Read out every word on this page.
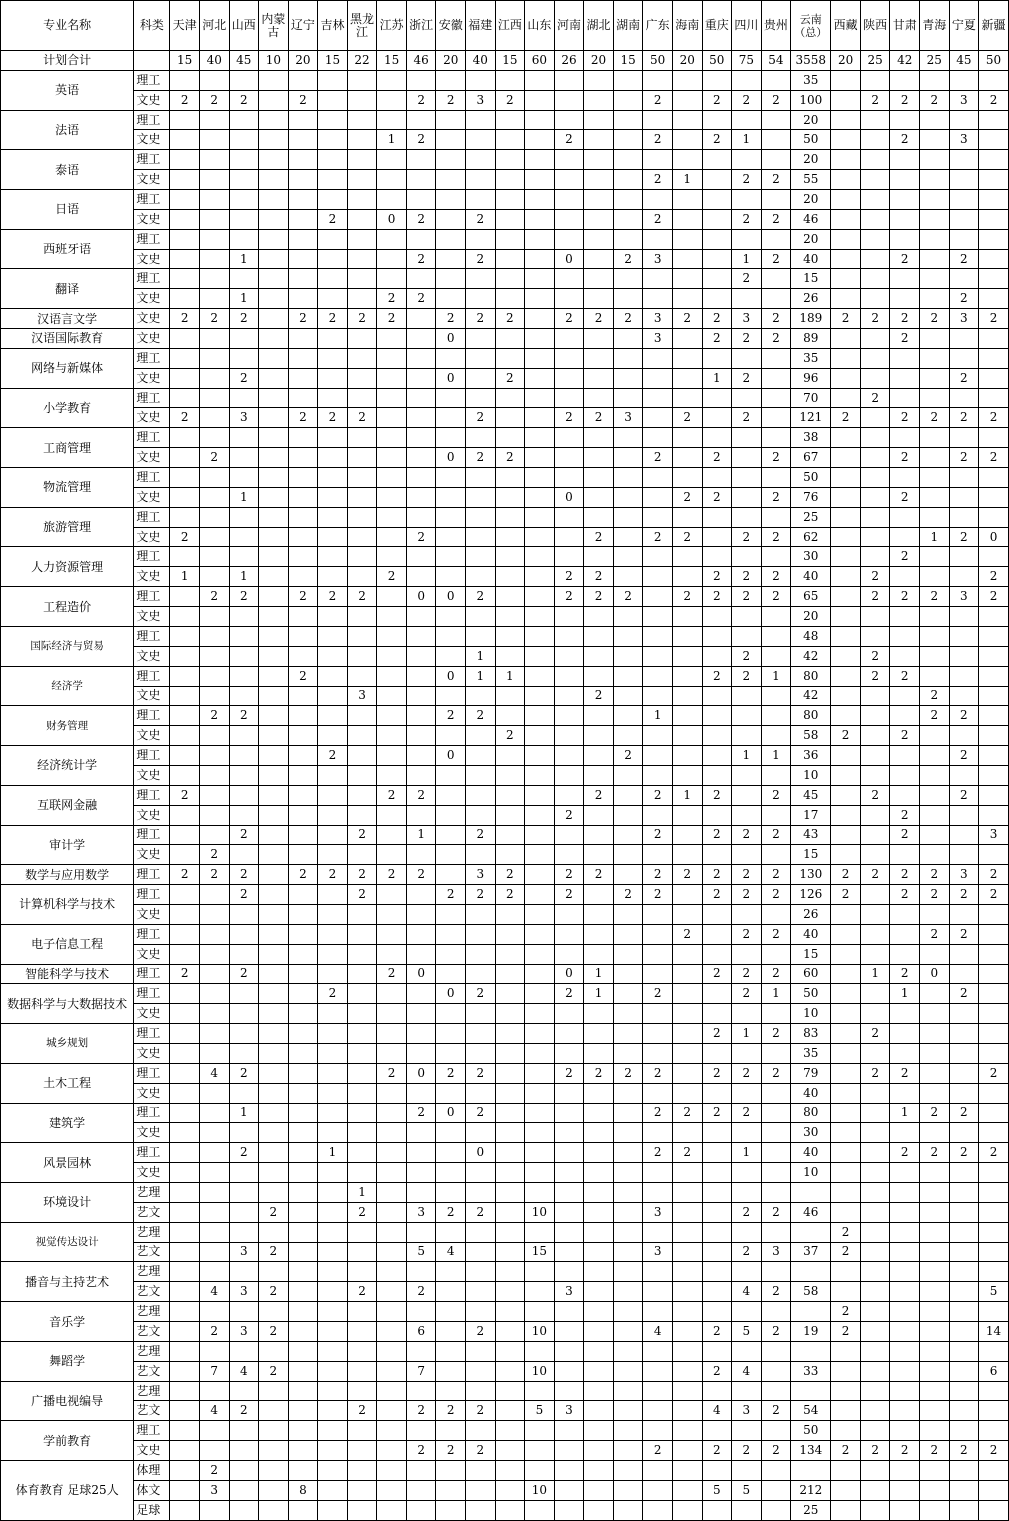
专业名称	科类	天津	河北	山西	内蒙古	辽宁	吉林	黑龙江	江苏	浙江	安徽	福建	江西	山东	河南	湖北	湖南	广东	海南	重庆	四川	贵州	云南（总）	西藏	陕西	甘肃	青海	宁夏	新疆
计划合计		15	40	45	10	20	15	22	15	46	20	40	15	60	26	20	15	50	20	50	75	54	3558	20	25	42	25	45	50
英语	理工																						35						
	文史	2	2	2		2				2	2	3	2					2		2	2	2	100		2	2	2	3	2
法语	理工																						20						
	文史								1	2					2			2		2	1		50			2		3	
泰语	理工																						20						
	文史																	2	1		2	2	55						
日语	理工																						20						
	文史						2		0	2		2						2			2	2	46						
西班牙语	理工																						20						
	文史			1						2		2			0		2	3			1	2	40			2		2	
翻译	理工																				2		15						
	文史			1					2	2													26					2	
汉语言文学	文史	2	2	2		2	2	2	2		2	2	2		2	2	2	3	2	2	3	2	189	2	2	2	2	3	2
汉语国际教育	文史										0							3		2	2	2	89			2			
网络与新媒体	理工																						35						
	文史			2							0		2							1	2		96					2	
小学教育	理工																						70		2				
	文史	2		3		2	2	2				2			2	2	3		2		2		121	2		2	2	2	2
工商管理	理工																						38						
	文史		2								0	2	2					2		2		2	67			2		2	2
物流管理	理工																						50						
	文史			1											0				2	2		2	76			2			
旅游管理	理工																						25						
	文史	2								2						2		2	2		2	2	62				1	2	0
人力资源管理	理工																						30			2			
	文史	1		1					2						2	2				2	2	2	40		2				2
工程造价	理工		2	2		2	2	2		0	0	2			2	2	2		2	2	2	2	65		2	2	2	3	2
	文史																						20						
国际经济与贸易	理工																						48						
	文史											1									2		42		2				
经济学	理工					2					0	1	1							2	2	1	80		2	2			
	文史							3								2							42				2		
财务管理	理工		2	2							2	2						1					80				2	2	
	文史												2										58	2		2			
经济统计学	理工						2				0						2				1	1	36					2	
	文史																						10						
互联网金融	理工	2							2	2						2		2	1	2		2	45		2			2	
	文史														2								17			2			
审计学	理工			2				2		1		2						2		2	2	2	43			2			3
	文史		2																				15						
数学与应用数学	理工	2	2	2		2	2	2	2	2		3	2		2	2		2	2	2	2	2	130	2	2	2	2	3	2
计算机科学与技术	理工			2				2			2	2	2		2		2	2		2	2	2	126	2		2	2	2	2
	文史																						26						
电子信息工程	理工																		2		2	2	40				2	2	
	文史																						15						
智能科学与技术	理工	2		2					2	0					0	1				2	2	2	60		1	2	0		
数据科学与大数据技术	理工						2				0	2			2	1		2			2	1	50			1		2	
	文史																						10						
城乡规划	理工																			2	1	2	83		2				
	文史																						35						
土木工程	理工		4	2					2	0	2	2			2	2	2	2		2	2	2	79		2	2			2
	文史																						40						
建筑学	理工			1						2	0	2						2	2	2	2		80			1	2	2	
	文史																						30						
风景园林	理工			2			1					0						2	2		1		40			2	2	2	2
	文史																						10						
环境设计	艺理							1																					
	艺文				2			2		3	2	2		10				3			2	2	46						
视觉传达设计	艺理																							2					
	艺文			3	2					5	4			15				3			2	3	37	2					
播音与主持艺术	艺理																												
	艺文		4	3	2			2		2					3						4	2	58						5
音乐学	艺理																							2					
	艺文		2	3	2					6		2		10				4		2	5	2	19	2					14
舞蹈学	艺理																												
	艺文		7	4	2					7				10						2	4		33						6
广播电视编导	艺理																												
	艺文		4	2				2		2	2	2		5	3					4	3	2	54						
学前教育	理工																						50						
	文史									2	2	2						2		2	2	2	134	2	2	2	2	2	2
体育教育 足球25人	体理		2																										
	体文		3			8								10						5	5		212						
	足球																						25						
